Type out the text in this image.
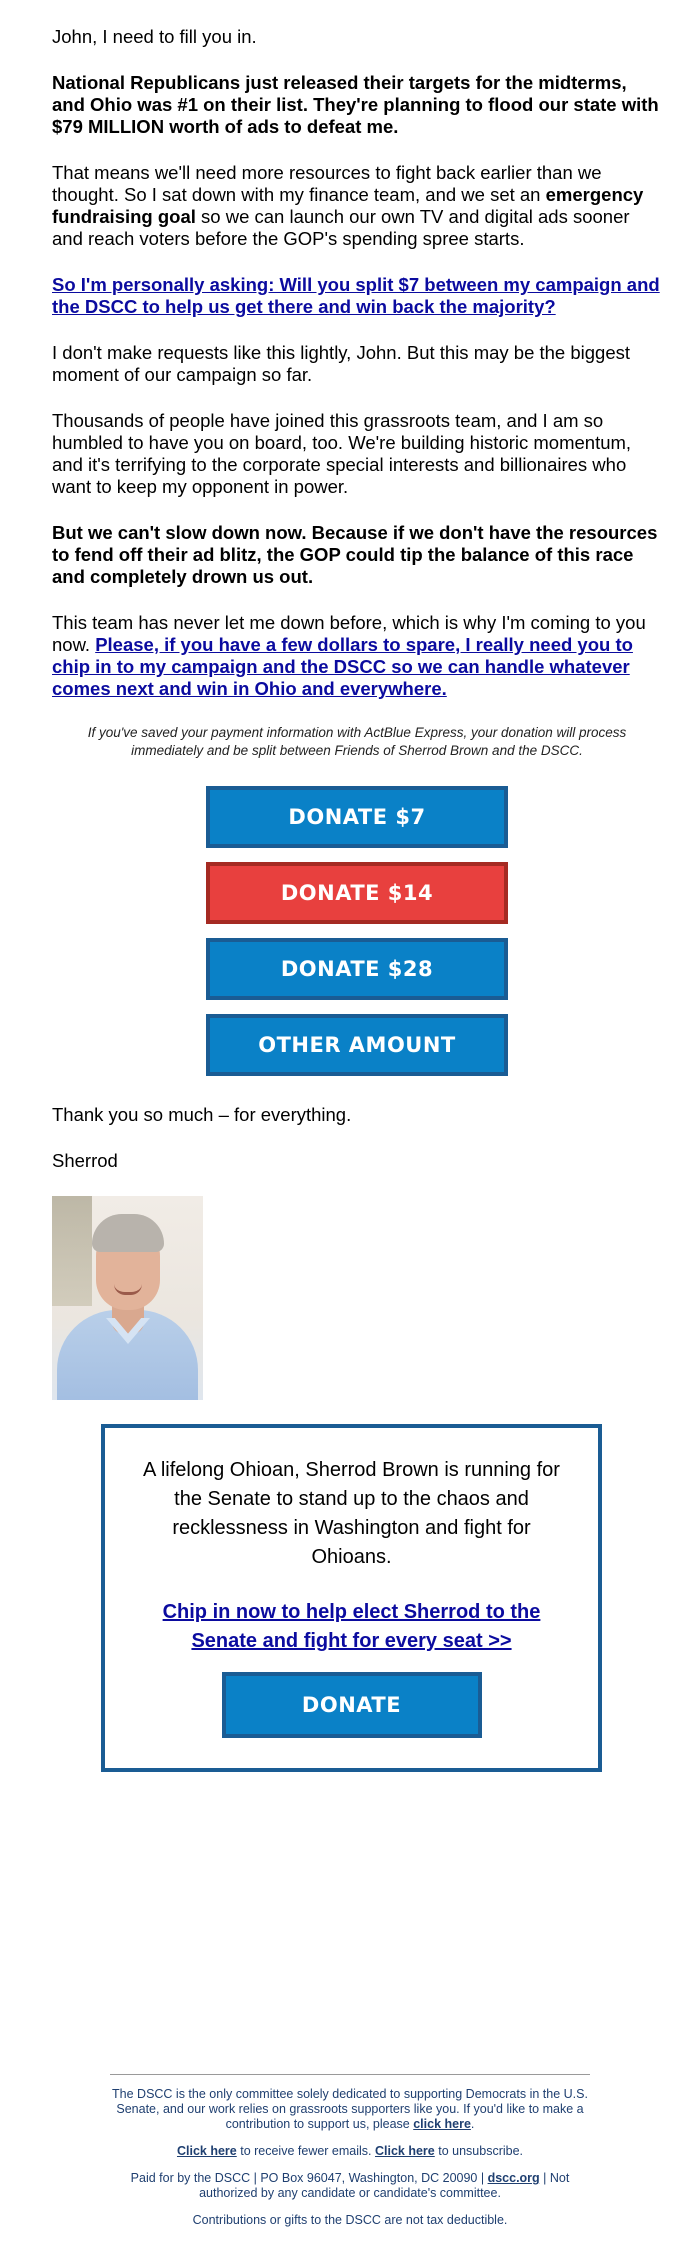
John, I need to fill you in.

National Republicans just released their targets for the midterms, and Ohio was #1 on their list. They're planning to flood our state with $79 MILLION worth of ads to defeat me.

That means we'll need more resources to fight back earlier than we thought. So I sat down with my finance team, and we set an emergency fundraising goal so we can launch our own TV and digital ads sooner and reach voters before the GOP's spending spree starts.

So I'm personally asking: Will you split $7 between my campaign and the DSCC to help us get there and win back the majority?

I don't make requests like this lightly, John. But this may be the biggest moment of our campaign so far.

Thousands of people have joined this grassroots team, and I am so humbled to have you on board, too. We're building historic momentum, and it's terrifying to the corporate special interests and billionaires who want to keep my opponent in power.

But we can't slow down now. Because if we don't have the resources to fend off their ad blitz, the GOP could tip the balance of this race and completely drown us out.

This team has never let me down before, which is why I'm coming to you now. Please, if you have a few dollars to spare, I really need you to chip in to my campaign and the DSCC so we can handle whatever comes next and win in Ohio and everywhere.

If you've saved your payment information with ActBlue Express, your donation will process immediately and be split between Friends of Sherrod Brown and the DSCC.

DONATE $7
DONATE $14
DONATE $28
OTHER AMOUNT

Thank you so much – for everything.

Sherrod

A lifelong Ohioan, Sherrod Brown is running for the Senate to stand up to the chaos and recklessness in Washington and fight for Ohioans.

Chip in now to help elect Sherrod to the Senate and fight for every seat >>
DONATE

The DSCC is the only committee solely dedicated to supporting Democrats in the U.S. Senate, and our work relies on grassroots supporters like you. If you'd like to make a contribution to support us, please click here.

Click here to receive fewer emails. Click here to unsubscribe.

Paid for by the DSCC | PO Box 96047, Washington, DC 20090 | dscc.org | Not authorized by any candidate or candidate's committee.

Contributions or gifts to the DSCC are not tax deductible.
